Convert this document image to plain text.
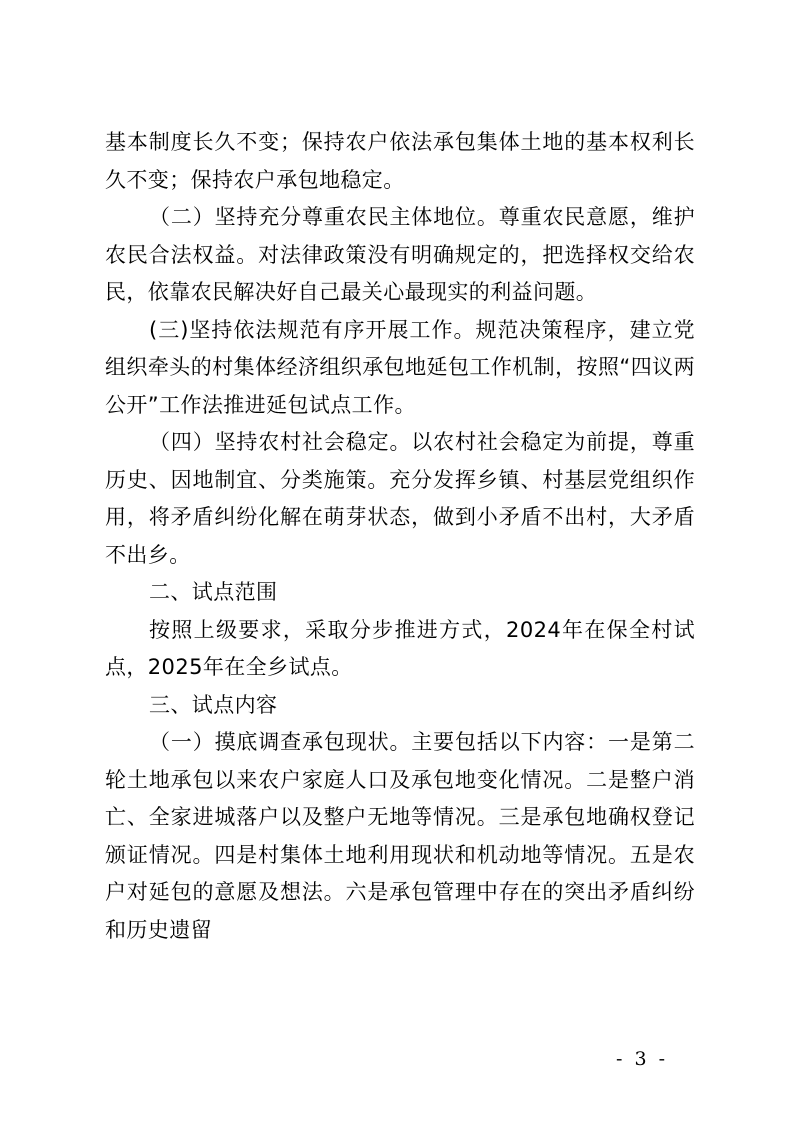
基本制度长久不变；保持农户依法承包集体土地的基本权利长久不变；保持农户承包地稳定。

（二）坚持充分尊重农民主体地位。尊重农民意愿，维护农民合法权益。对法律政策没有明确规定的，把选择权交给农民，依靠农民解决好自己最关心最现实的利益问题。

(三)坚持依法规范有序开展工作。规范决策程序，建立党组织牵头的村集体经济组织承包地延包工作机制，按照“四议两公开”工作法推进延包试点工作。

（四）坚持农村社会稳定。以农村社会稳定为前提，尊重历史、因地制宜、分类施策。充分发挥乡镇、村基层党组织作用，将矛盾纠纷化解在萌芽状态，做到小矛盾不出村，大矛盾不出乡。

二、试点范围

按照上级要求，采取分步推进方式，2024年在保全村试点，2025年在全乡试点。

三、试点内容

（一）摸底调查承包现状。主要包括以下内容：一是第二轮土地承包以来农户家庭人口及承包地变化情况。二是整户消亡、全家进城落户以及整户无地等情况。三是承包地确权登记颁证情况。四是村集体土地利用现状和机动地等情况。五是农户对延包的意愿及想法。六是承包管理中存在的突出矛盾纠纷和历史遗留

- 3 -
